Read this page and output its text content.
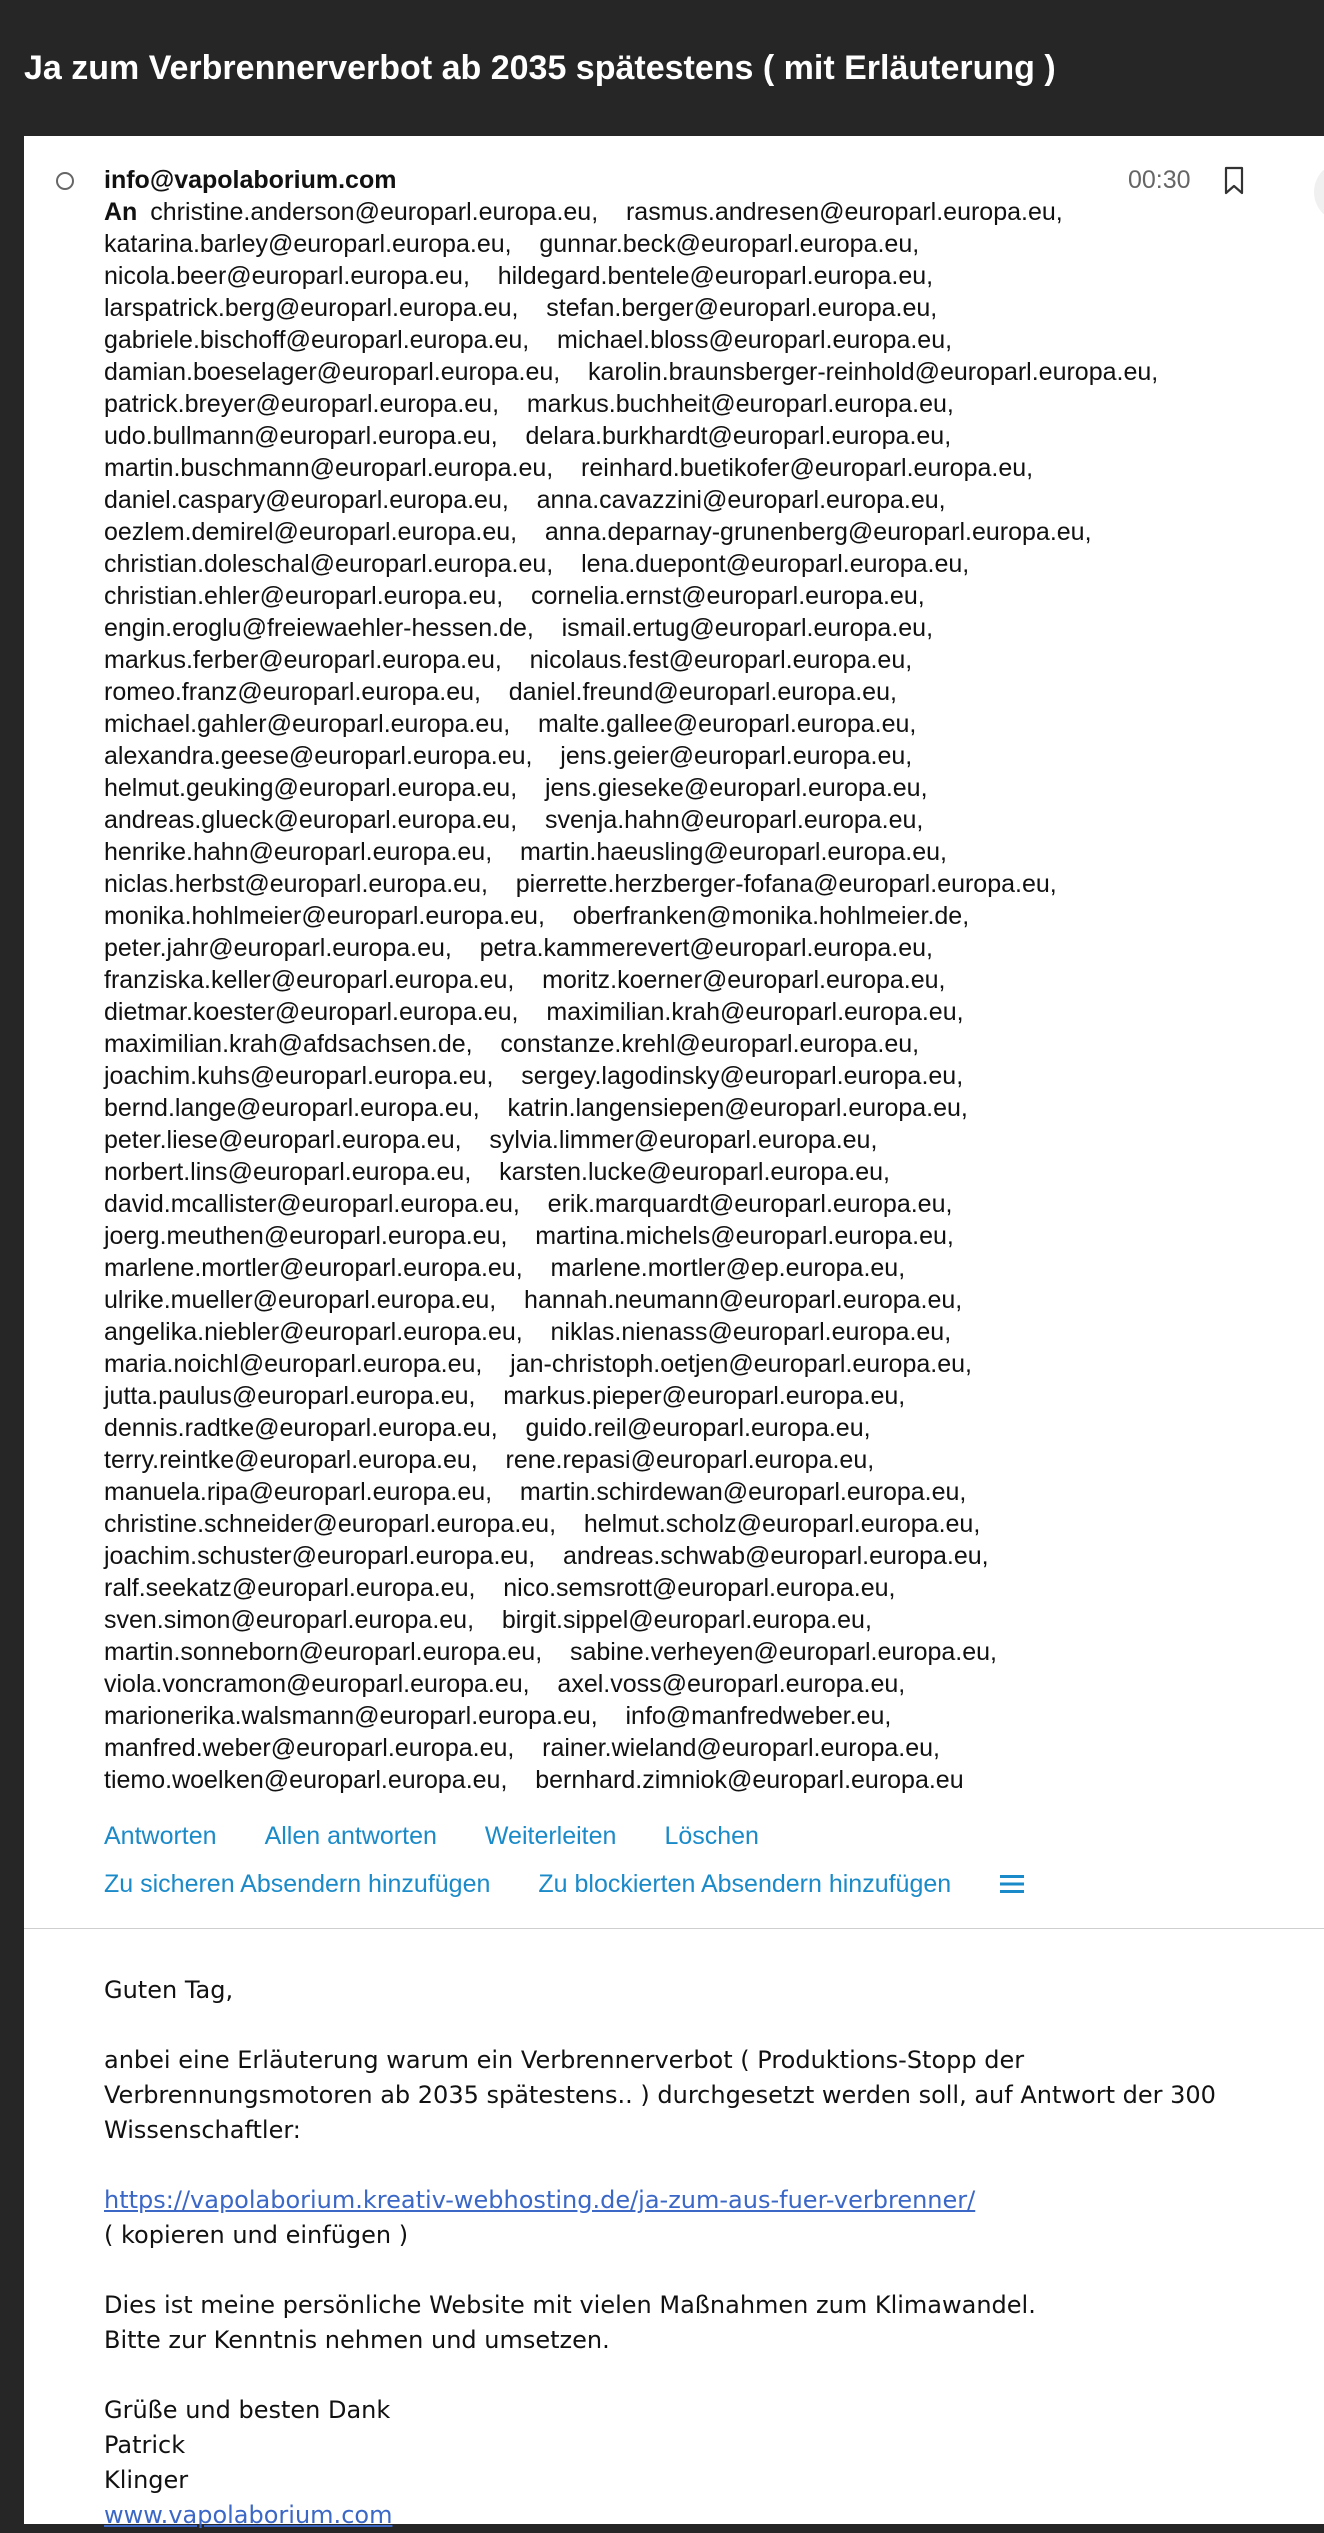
Ja zum Verbrennerverbot ab 2035 spätestens ( mit Erläuterung )
info@vapolaborium.com	00:30
An christine.anderson@europarl.europa.eu, rasmus.andresen@europarl.europa.eu,    katarina.barley@europarl.europa.eu, gunnar.beck@europarl.europa.eu,    nicola.beer@europarl.europa.eu, hildegard.bentele@europarl.europa.eu,    larspatrick.berg@europarl.europa.eu, stefan.berger@europarl.europa.eu,    gabriele.bischoff@europarl.europa.eu, michael.bloss@europarl.europa.eu,    damian.boeselager@europarl.europa.eu, karolin.braunsberger-reinhold@europarl.europa.eu,    patrick.breyer@europarl.europa.eu, markus.buchheit@europarl.europa.eu,    udo.bullmann@europarl.europa.eu, delara.burkhardt@europarl.europa.eu,    martin.buschmann@europarl.europa.eu, reinhard.buetikofer@europarl.europa.eu,    daniel.caspary@europarl.europa.eu, anna.cavazzini@europarl.europa.eu,    oezlem.demirel@europarl.europa.eu, anna.deparnay-grunenberg@europarl.europa.eu,    christian.doleschal@europarl.europa.eu, lena.duepont@europarl.europa.eu,    christian.ehler@europarl.europa.eu, cornelia.ernst@europarl.europa.eu,    engin.eroglu@freiewaehler-hessen.de, ismail.ertug@europarl.europa.eu,    markus.ferber@europarl.europa.eu, nicolaus.fest@europarl.europa.eu,    romeo.franz@europarl.europa.eu, daniel.freund@europarl.europa.eu,    michael.gahler@europarl.europa.eu, malte.gallee@europarl.europa.eu,    alexandra.geese@europarl.europa.eu, jens.geier@europarl.europa.eu,    helmut.geuking@europarl.europa.eu, jens.gieseke@europarl.europa.eu,    andreas.glueck@europarl.europa.eu, svenja.hahn@europarl.europa.eu,    henrike.hahn@europarl.europa.eu, martin.haeusling@europarl.europa.eu,    niclas.herbst@europarl.europa.eu, pierrette.herzberger-fofana@europarl.europa.eu,    monika.hohlmeier@europarl.europa.eu, oberfranken@monika.hohlmeier.de,    peter.jahr@europarl.europa.eu, petra.kammerevert@europarl.europa.eu,    franziska.keller@europarl.europa.eu, moritz.koerner@europarl.europa.eu,    dietmar.koester@europarl.europa.eu, maximilian.krah@europarl.europa.eu,    maximilian.krah@afdsachsen.de, constanze.krehl@europarl.europa.eu,    joachim.kuhs@europarl.europa.eu, sergey.lagodinsky@europarl.europa.eu,    bernd.lange@europarl.europa.eu, katrin.langensiepen@europarl.europa.eu,    peter.liese@europarl.europa.eu, sylvia.limmer@europarl.europa.eu,    norbert.lins@europarl.europa.eu, karsten.lucke@europarl.europa.eu,    david.mcallister@europarl.europa.eu, erik.marquardt@europarl.europa.eu,    joerg.meuthen@europarl.europa.eu, martina.michels@europarl.europa.eu,    marlene.mortler@europarl.europa.eu, marlene.mortler@ep.europa.eu,    ulrike.mueller@europarl.europa.eu, hannah.neumann@europarl.europa.eu,    angelika.niebler@europarl.europa.eu, niklas.nienass@europarl.europa.eu,    maria.noichl@europarl.europa.eu, jan-christoph.oetjen@europarl.europa.eu,    jutta.paulus@europarl.europa.eu, markus.pieper@europarl.europa.eu,    dennis.radtke@europarl.europa.eu, guido.reil@europarl.europa.eu,    terry.reintke@europarl.europa.eu, rene.repasi@europarl.europa.eu,    manuela.ripa@europarl.europa.eu, martin.schirdewan@europarl.europa.eu,    christine.schneider@europarl.europa.eu, helmut.scholz@europarl.europa.eu,    joachim.schuster@europarl.europa.eu, andreas.schwab@europarl.europa.eu,    ralf.seekatz@europarl.europa.eu, nico.semsrott@europarl.europa.eu,    sven.simon@europarl.europa.eu, birgit.sippel@europarl.europa.eu,    martin.sonneborn@europarl.europa.eu, sabine.verheyen@europarl.europa.eu,    viola.voncramon@europarl.europa.eu, axel.voss@europarl.europa.eu,    marionerika.walsmann@europarl.europa.eu, info@manfredweber.eu,    manfred.weber@europarl.europa.eu, rainer.wieland@europarl.europa.eu,    tiemo.woelken@europarl.europa.eu, bernhard.zimniok@europarl.europa.eu
Antworten Allen antworten Weiterleiten Löschen
Zu sicheren Absendern hinzufügen Zu blockierten Absendern hinzufügen

Guten Tag,

anbei eine Erläuterung warum ein Verbrennerverbot ( Produktions-Stopp der Verbrennungsmotoren ab 2035 spätestens.. ) durchgesetzt werden soll, auf Antwort der 300 Wissenschaftler:

https://vapolaborium.kreativ-webhosting.de/ja-zum-aus-fuer-verbrenner/

( kopieren und einfügen )

Dies ist meine persönliche Website mit vielen Maßnahmen zum Klimawandel.

Bitte zur Kenntnis nehmen und umsetzen.

Grüße und besten Dank

Patrick

Klinger

www.vapolaborium.com
